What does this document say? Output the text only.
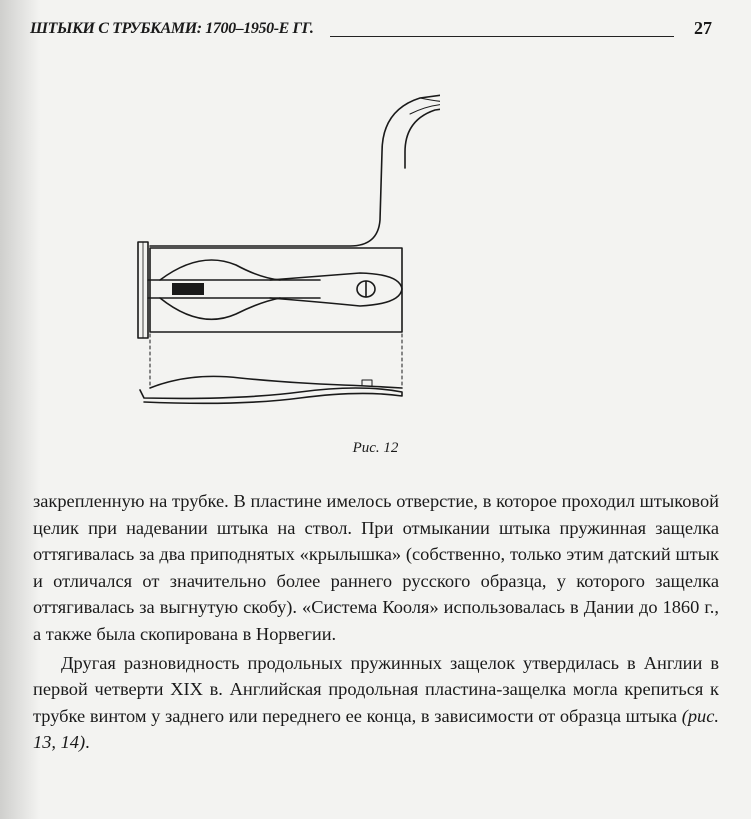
ШТЫКИ С ТРУБКАМИ: 1700–1950-Е ГГ.	27
Рис. 12

закрепленную на трубке. В пластине имелось отверстие, в которое проходил штыковой целик при надевании штыка на ствол. При отмыкании штыка пружинная защелка оттягивалась за два приподнятых «крылышка» (собственно, только этим датский штык и отличался от значительно более раннего русского образца, у которого защелка оттягивалась за выгнутую скобу). «Система Кооля» использовалась в Дании до 1860 г., а также была скопирована в Норвегии.

Другая разновидность продольных пружинных защелок утвердилась в Англии в первой четверти XIX в. Английская продольная пластина-защелка могла крепиться к трубке винтом у заднего или переднего ее конца, в зависимости от образца штыка (рис. 13, 14).
